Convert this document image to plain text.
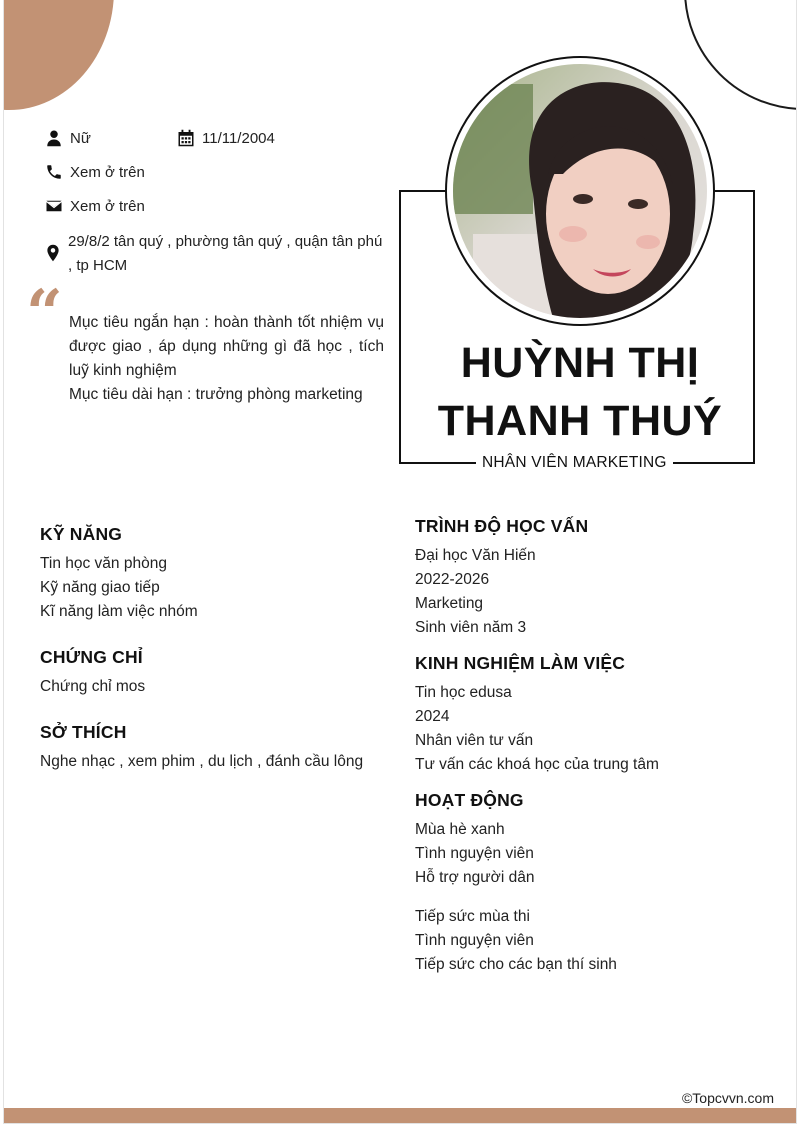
Nữ	11/11/2004
Xem ở trên
Xem ở trên
29/8/2 tân quý , phường tân quý , quận tân phú , tp HCM
“ Mục tiêu ngắn hạn : hoàn thành tốt nhiệm vụ được giao , áp dụng những gì đã học , tích luỹ kinh nghiệm

Mục tiêu dài hạn : trưởng phòng marketing

HUỲNH THỊ
THANH THUÝ
NHÂN VIÊN MARKETING
KỸ NĂNG
Tin học văn phòng
Kỹ năng giao tiếp
Kĩ năng làm việc nhóm
CHỨNG CHỈ
Chứng chỉ mos
SỞ THÍCH
Nghe nhạc , xem phim , du lịch , đánh cầu lông
TRÌNH ĐỘ HỌC VẤN
Đại học Văn Hiến
2022-2026
Marketing
Sinh viên năm 3
KINH NGHIỆM LÀM VIỆC
Tin học edusa
2024
Nhân viên tư vấn
Tư vấn các khoá học của trung tâm
HOẠT ĐỘNG
Mùa hè xanh
Tình nguyện viên
Hỗ trợ người dân
Tiếp sức mùa thi
Tình nguyện viên
Tiếp sức cho các bạn thí sinh
©Topcvvn.com
